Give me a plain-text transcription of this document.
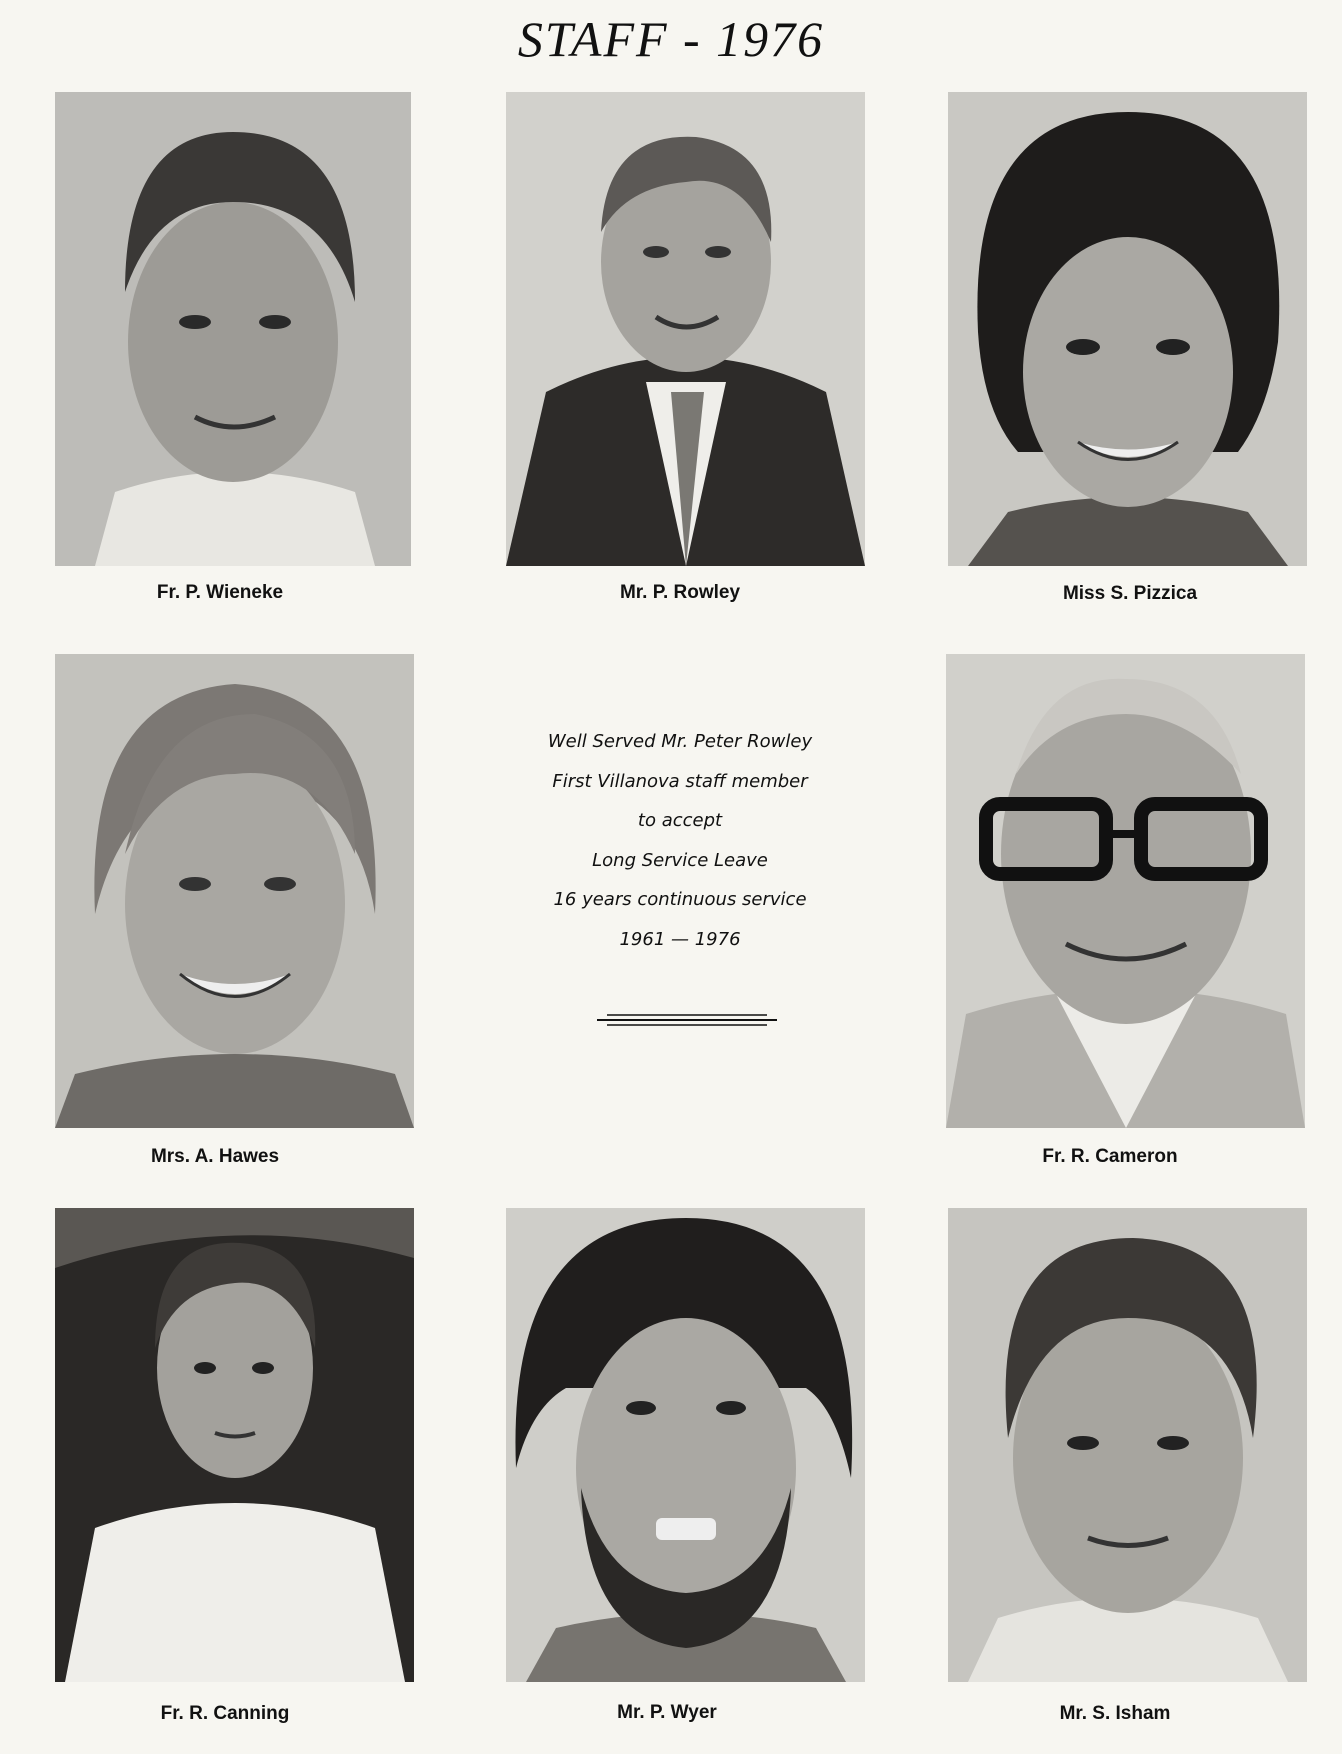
STAFF - 1976
Fr. P. Wieneke	Mr. P. Rowley	Miss S. Pizzica
Well Served Mr. Peter Rowley
First Villanova staff member
to accept
Long Service Leave
16 years continuous service
1961 — 1976
Mrs. A. Hawes	Fr. R. Cameron
Fr. R. Canning	Mr. P. Wyer	Mr. S. Isham
